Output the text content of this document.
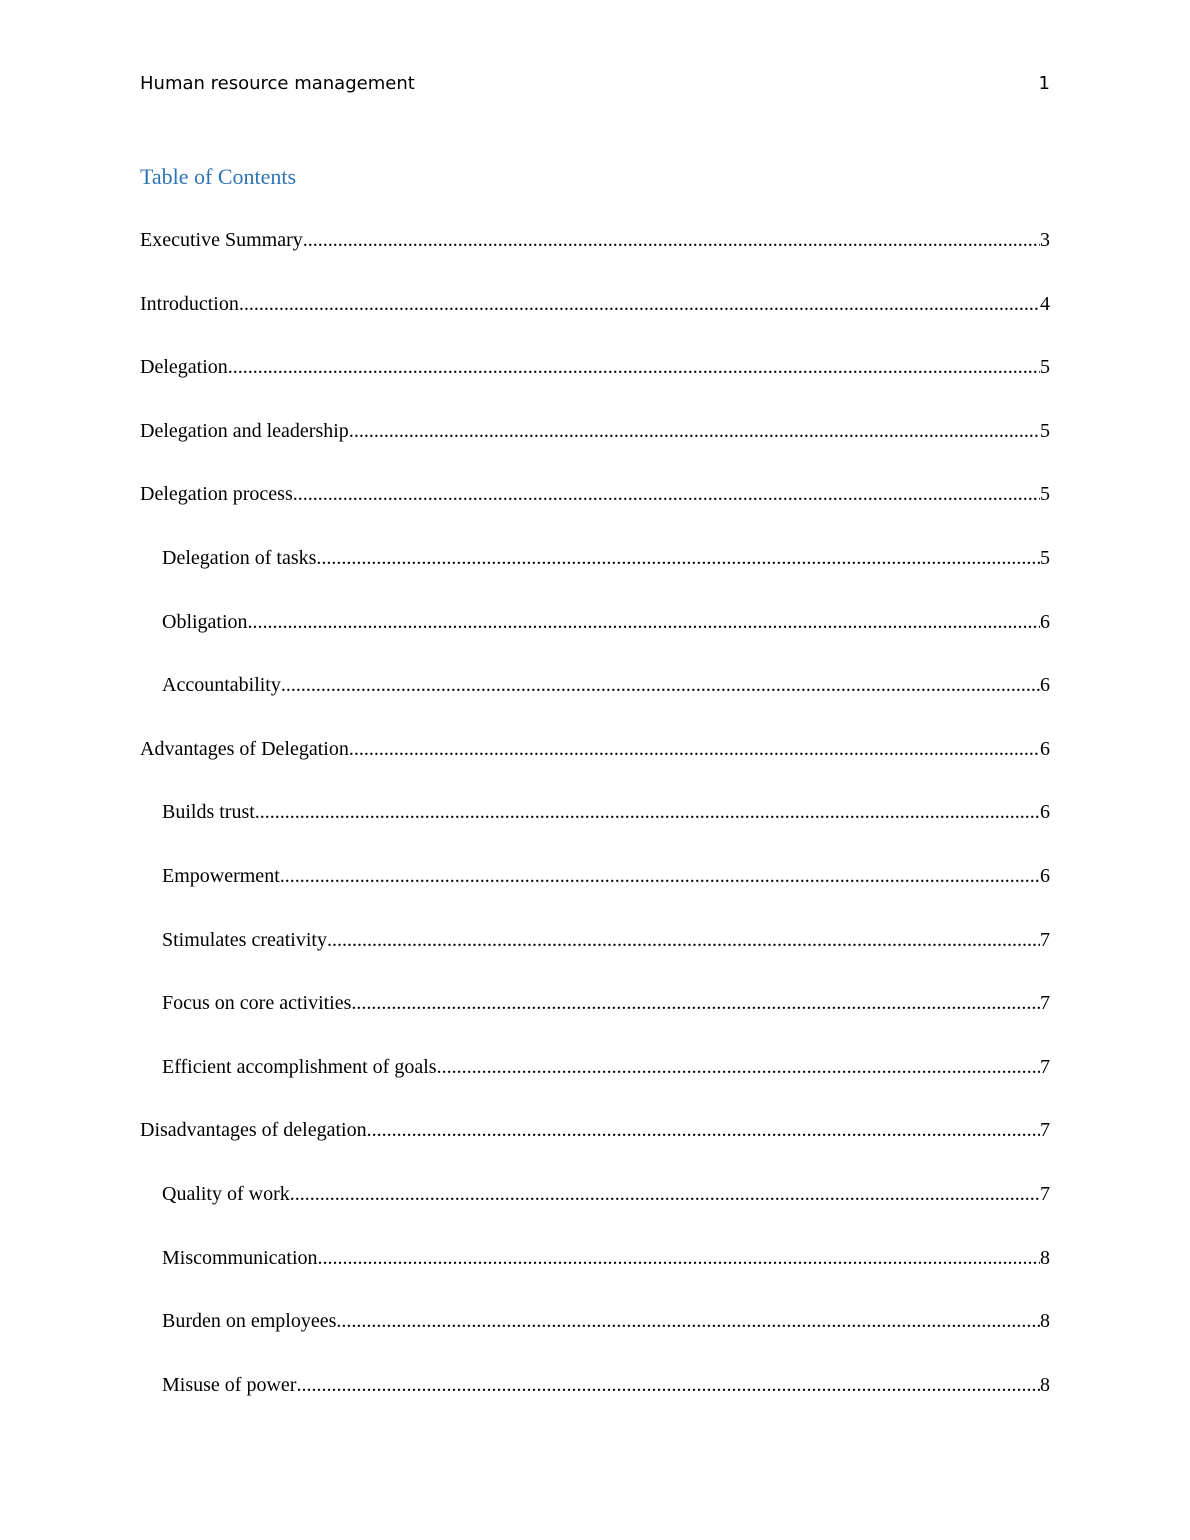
Human resource management	1
Table of Contents
Executive Summary .....	3
Introduction .....	4
Delegation .....	5
Delegation and leadership .....	5
Delegation process .....	5
Delegation of tasks .....	5
Obligation .....	6
Accountability .....	6
Advantages of Delegation .....	6
Builds trust .....	6
Empowerment .....	6
Stimulates creativity .....	7
Focus on core activities .....	7
Efficient accomplishment of goals .....	7
Disadvantages of delegation .....	7
Quality of work .....	7
Miscommunication .....	8
Burden on employees .....	8
Misuse of power .....	8
